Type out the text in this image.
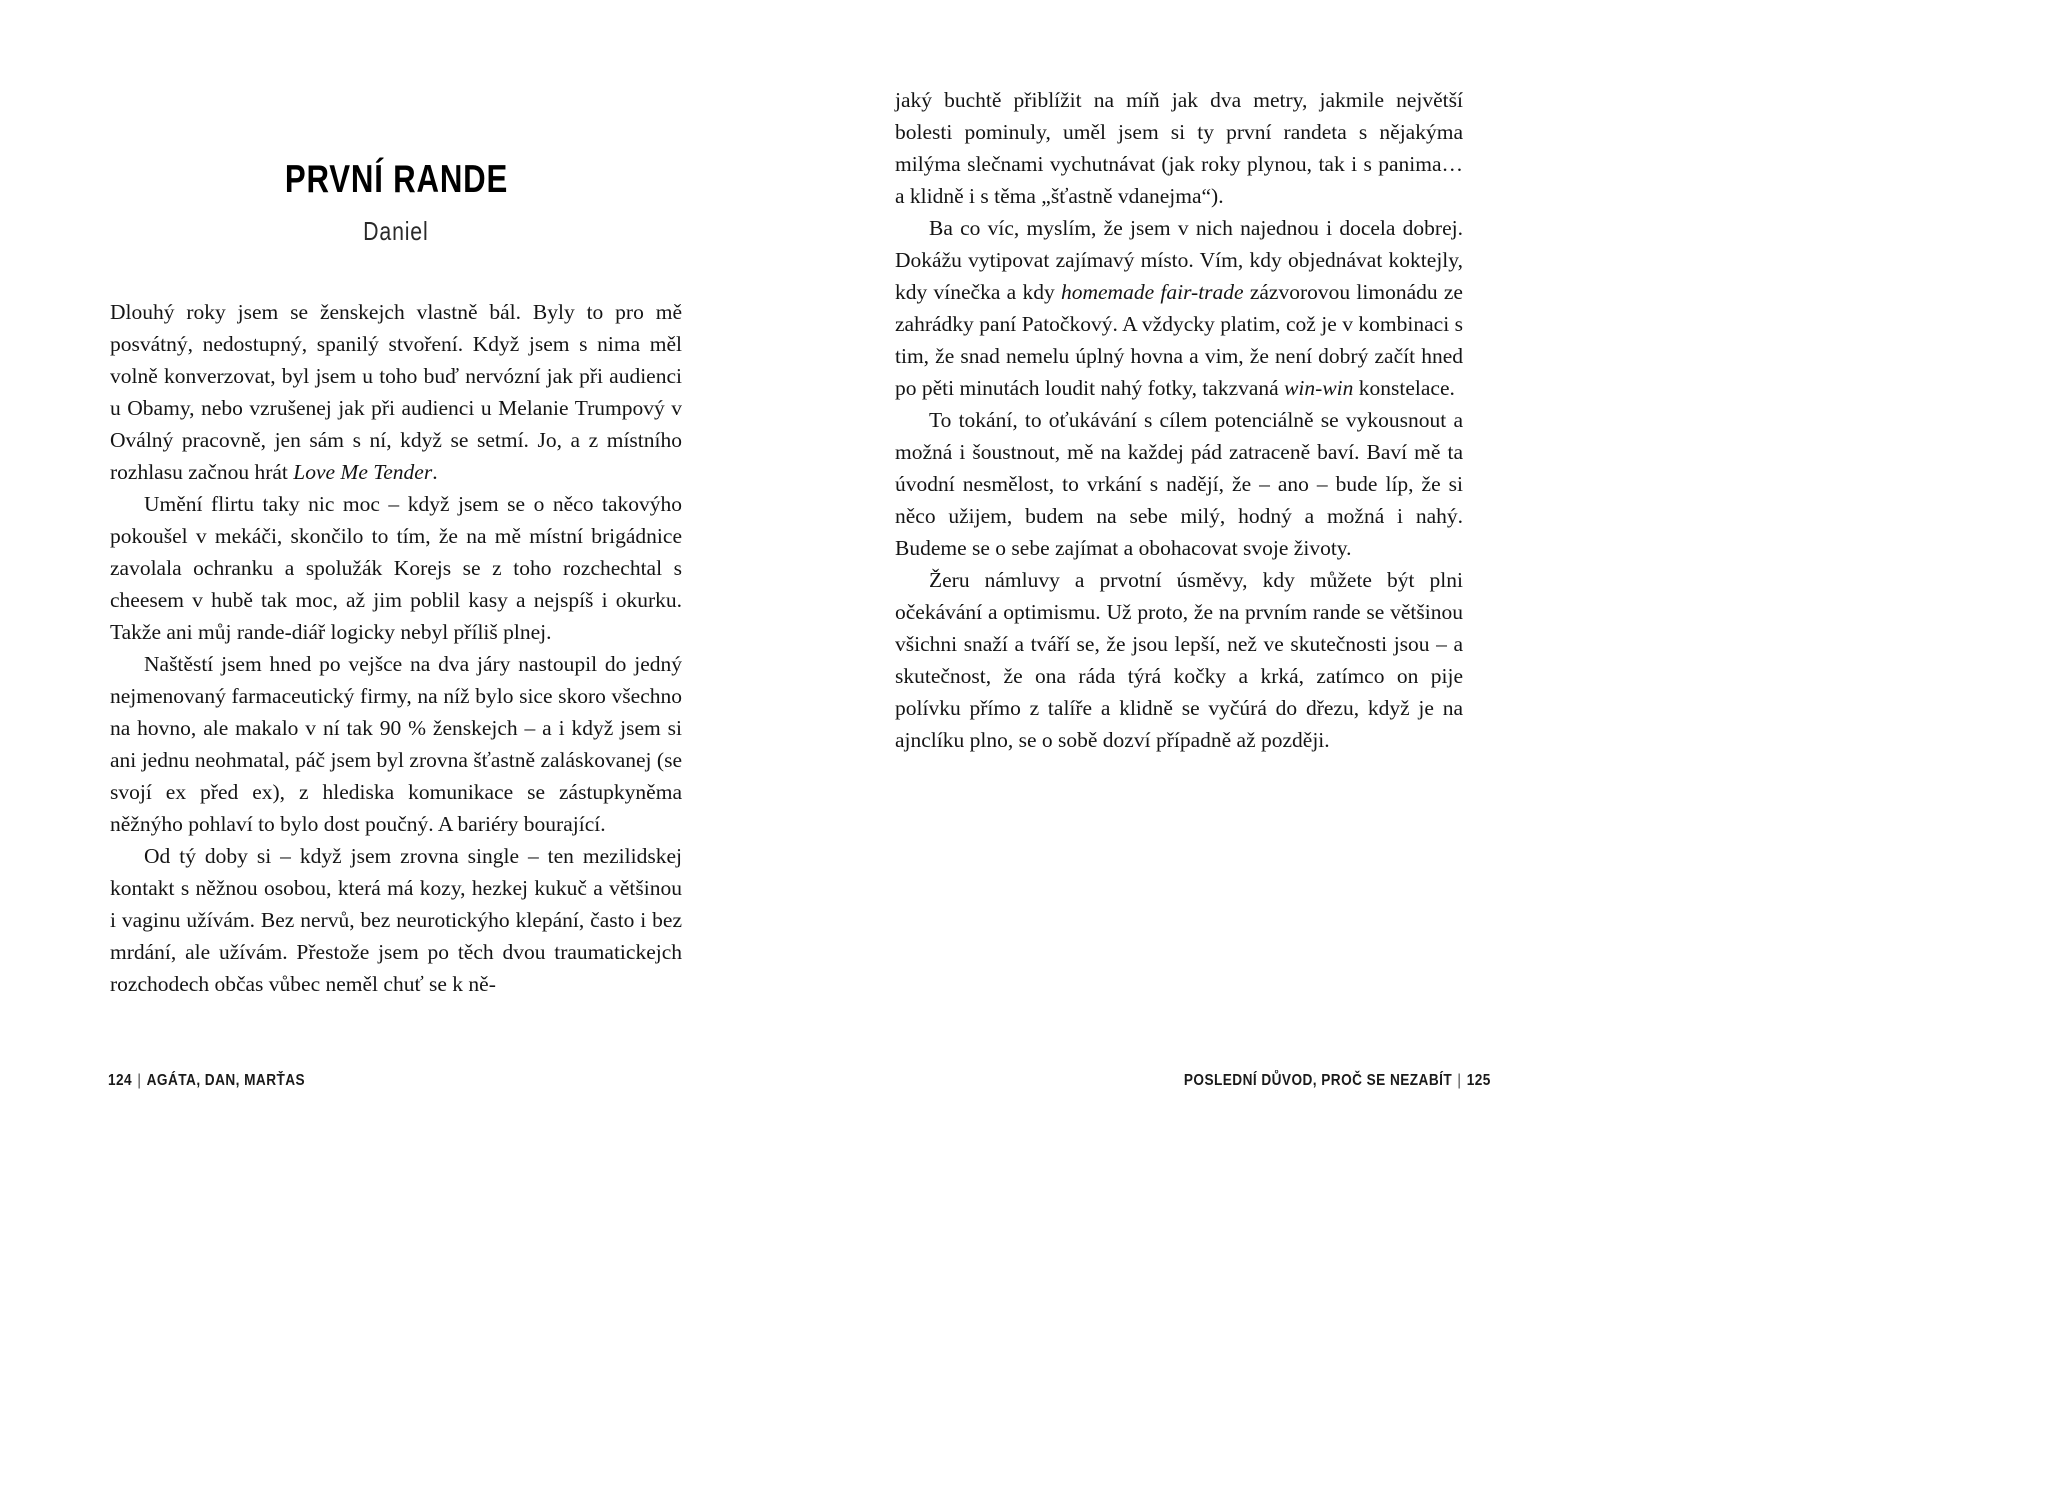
PRVNÍ RANDE
Daniel

Dlouhý roky jsem se ženskejch vlastně bál. Byly to pro mě posvátný, nedostupný, spanilý stvoření. Když jsem s nima měl volně konverzovat, byl jsem u toho buď nervózní jak při audienci u Obamy, nebo vzrušenej jak při audienci u Melanie Trumpový v Oválný pracovně, jen sám s ní, když se setmí. Jo, a z místního rozhlasu začnou hrát Love Me Tender.

Umění flirtu taky nic moc – když jsem se o něco takovýho pokoušel v mekáči, skončilo to tím, že na mě místní brigádnice zavolala ochranku a spolužák Korejs se z toho rozchechtal s cheesem v hubě tak moc, až jim poblil kasy a nejspíš i okurku. Takže ani můj rande-diář logicky nebyl příliš plnej.

Naštěstí jsem hned po vejšce na dva járy nastoupil do jedný nejmenovaný farmaceutický firmy, na níž bylo sice skoro všechno na hovno, ale makalo v ní tak 90 % ženskejch – a i když jsem si ani jednu neohmatal, páč jsem byl zrovna šťastně zaláskovanej (se svojí ex před ex), z hlediska komunikace se zástupkyněma něžnýho pohlaví to bylo dost poučný. A bariéry bourající.

Od tý doby si – když jsem zrovna single – ten mezilidskej kontakt s něžnou osobou, která má kozy, hezkej kukuč a většinou i vaginu užívám. Bez nervů, bez neurotickýho klepání, často i bez mrdání, ale užívám. Přestože jsem po těch dvou traumatickejch rozchodech občas vůbec neměl chuť se k ně-

124 | AGÁTA, DAN, MARŤAS

jaký buchtě přiblížit na míň jak dva metry, jakmile největší bolesti pominuly, uměl jsem si ty první randeta s nějakýma milýma slečnami vychutnávat (jak roky plynou, tak i s panima… a klidně i s těma „šťastně vdanejma“).

Ba co víc, myslím, že jsem v nich najednou i docela dobrej. Dokážu vytipovat zajímavý místo. Vím, kdy objednávat koktejly, kdy vínečka a kdy homemade fair-trade zázvorovou limonádu ze zahrádky paní Patočkový. A vždycky platim, což je v kombinaci s tim, že snad nemelu úplný hovna a vim, že není dobrý začít hned po pěti minutách loudit nahý fotky, takzvaná win-win konstelace.

To tokání, to oťukávání s cílem potenciálně se vykousnout a možná i šoustnout, mě na každej pád zatraceně baví. Baví mě ta úvodní nesmělost, to vrkání s nadějí, že – ano – bude líp, že si něco užijem, budem na sebe milý, hodný a možná i nahý. Budeme se o sebe zajímat a obohacovat svoje životy.

Žeru námluvy a prvotní úsměvy, kdy můžete být plni očekávání a optimismu. Už proto, že na prvním rande se většinou všichni snaží a tváří se, že jsou lepší, než ve skutečnosti jsou – a skutečnost, že ona ráda týrá kočky a krká, zatímco on pije polívku přímo z talíře a klidně se vyčúrá do dřezu, když je na ajnclíku plno, se o sobě dozví případně až později.

POSLEDNÍ DŮVOD, PROČ SE NEZABÍT | 125
